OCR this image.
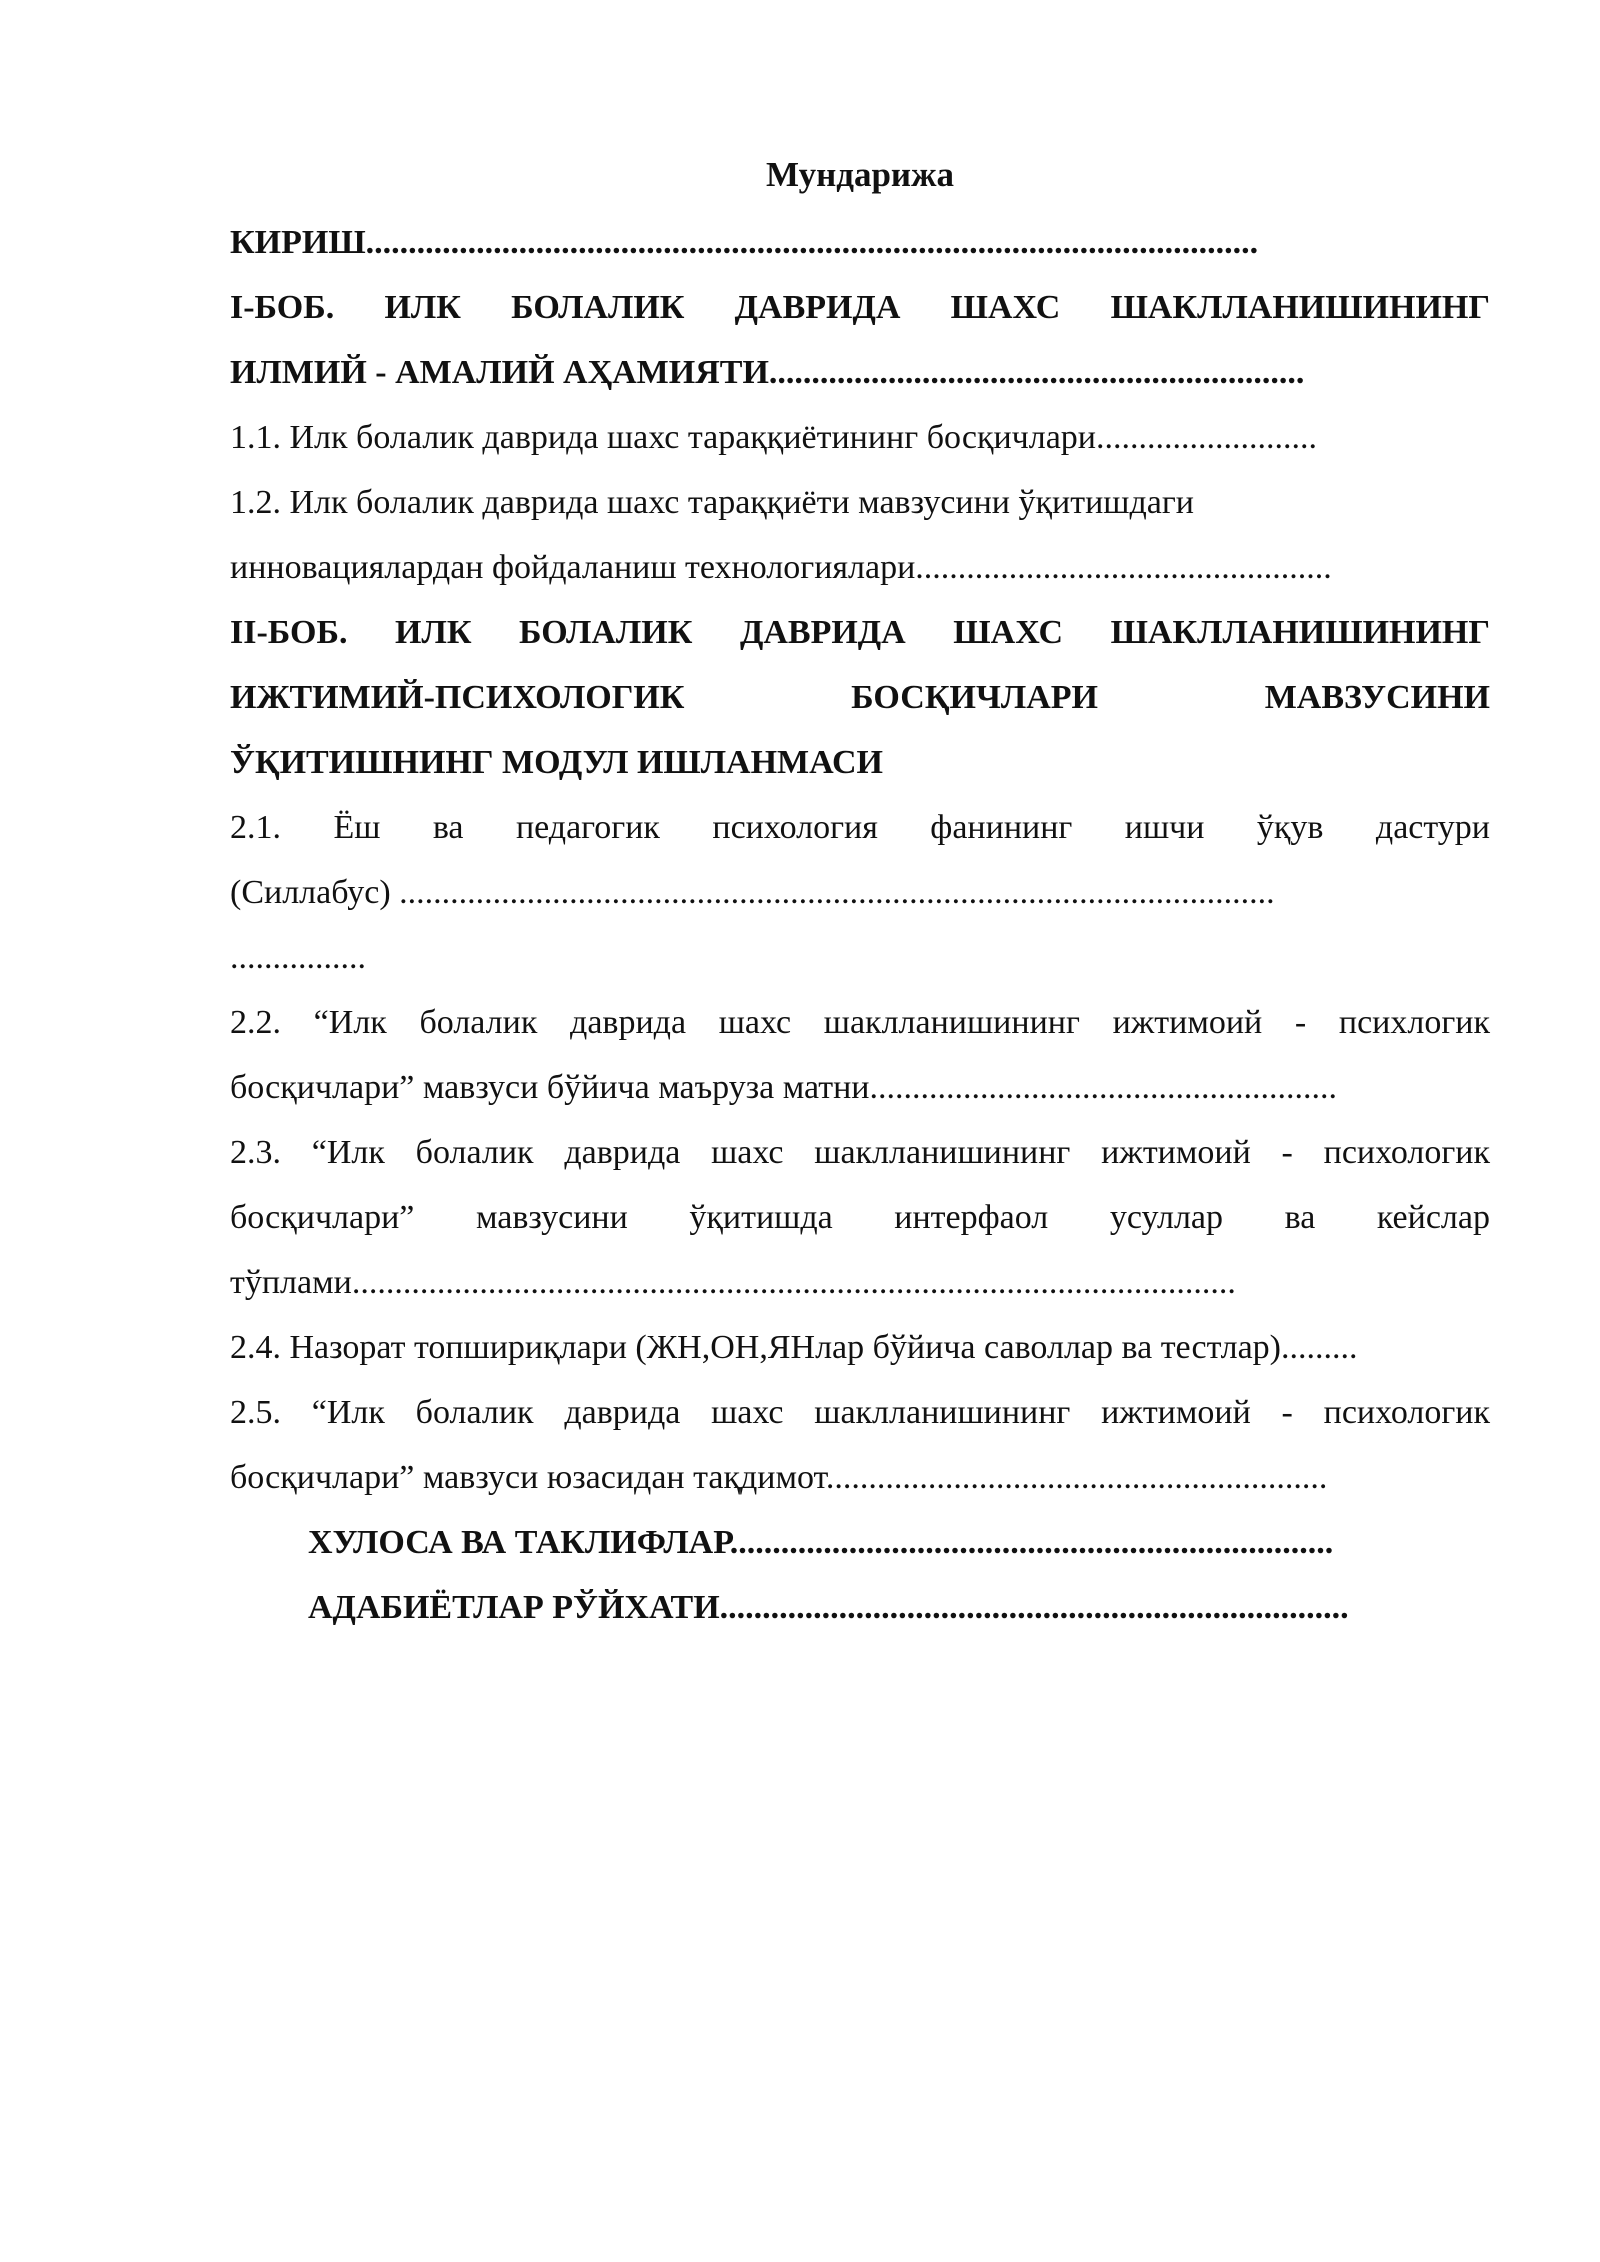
Мундарижа
КИРИШ.........................................................................................................
I-БОБ. ИЛК БОЛАЛИК ДАВРИДА ШАХС ШАКЛЛАНИШИНИНГ
ИЛМИЙ - АМАЛИЙ АҲАМИЯТИ...............................................................
1.1. Илк болалик даврида шахс тараққиётининг босқичлари..........................
1.2. Илк болалик даврида шахс тараққиёти мавзусини ўқитишдаги
инновациялардан фойдаланиш технологиялари.................................................
II-БОБ. ИЛК БОЛАЛИК ДАВРИДА ШАХС ШАКЛЛАНИШИНИНГ
ИЖТИМИЙ-ПСИХОЛОГИК БОСҚИЧЛАРИ МАВЗУСИНИ
ЎҚИТИШНИНГ МОДУЛ ИШЛАНМАСИ
2.1. Ёш ва педагогик психология фанининг ишчи ўқув дастури
(Силлабус) .......................................................................................................
................
2.2. “Илк болалик даврида шахс шаклланишининг ижтимоий - психлогик
босқичлари” мавзуси бўйича маъруза матни.......................................................
2.3. “Илк болалик даврида шахс шаклланишининг ижтимоий - психологик
босқичлари” мавзусини ўқитишда интерфаол усуллар ва кейслар
тўплами........................................................................................................
2.4. Назорат топшириқлари (ЖН,ОН,ЯНлар бўйича саволлар ва тестлар).........
2.5. “Илк болалик даврида шахс шаклланишининг ижтимоий - психологик
босқичлари” мавзуси юзасидан тақдимот...........................................................
ХУЛОСА ВА ТАКЛИФЛАР.......................................................................
АДАБИЁТЛАР РЎЙХАТИ..........................................................................
